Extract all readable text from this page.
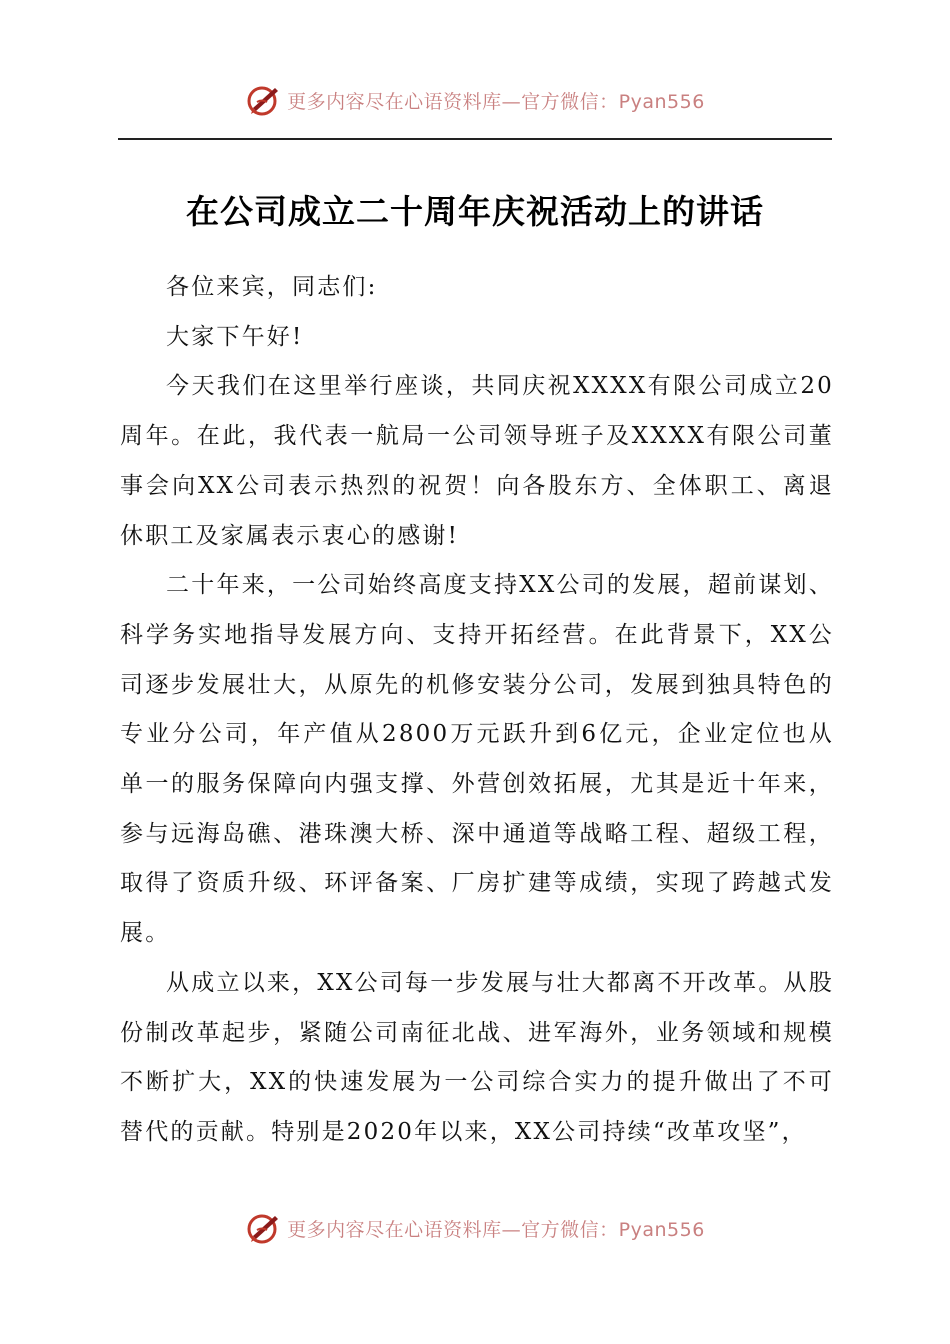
更多内容尽在心语资料库—官方微信：Pyan556
在公司成立二十周年庆祝活动上的讲话

各位来宾，同志们:

大家下午好!

今天我们在这里举行座谈，共同庆祝XXXX有限公司成立20周年。在此，我代表一航局一公司领导班子及XXXX有限公司董事会向XX公司表示热烈的祝贺！向各股东方、全体职工、离退休职工及家属表示衷心的感谢!

二十年来，一公司始终高度支持XX公司的发展，超前谋划、科学务实地指导发展方向、支持开拓经营。在此背景下，XX公司逐步发展壮大，从原先的机修安装分公司，发展到独具特色的专业分公司，年产值从2800万元跃升到6亿元，企业定位也从单一的服务保障向内强支撑、外营创效拓展，尤其是近十年来，参与远海岛礁、港珠澳大桥、深中通道等战略工程、超级工程，取得了资质升级、环评备案、厂房扩建等成绩，实现了跨越式发展。

从成立以来，XX公司每一步发展与壮大都离不开改革。从股份制改革起步，紧随公司南征北战、进军海外，业务领域和规模不断扩大，XX的快速发展为一公司综合实力的提升做出了不可替代的贡献。特别是2020年以来，XX公司持续“改革攻坚”，

更多内容尽在心语资料库—官方微信：Pyan556
